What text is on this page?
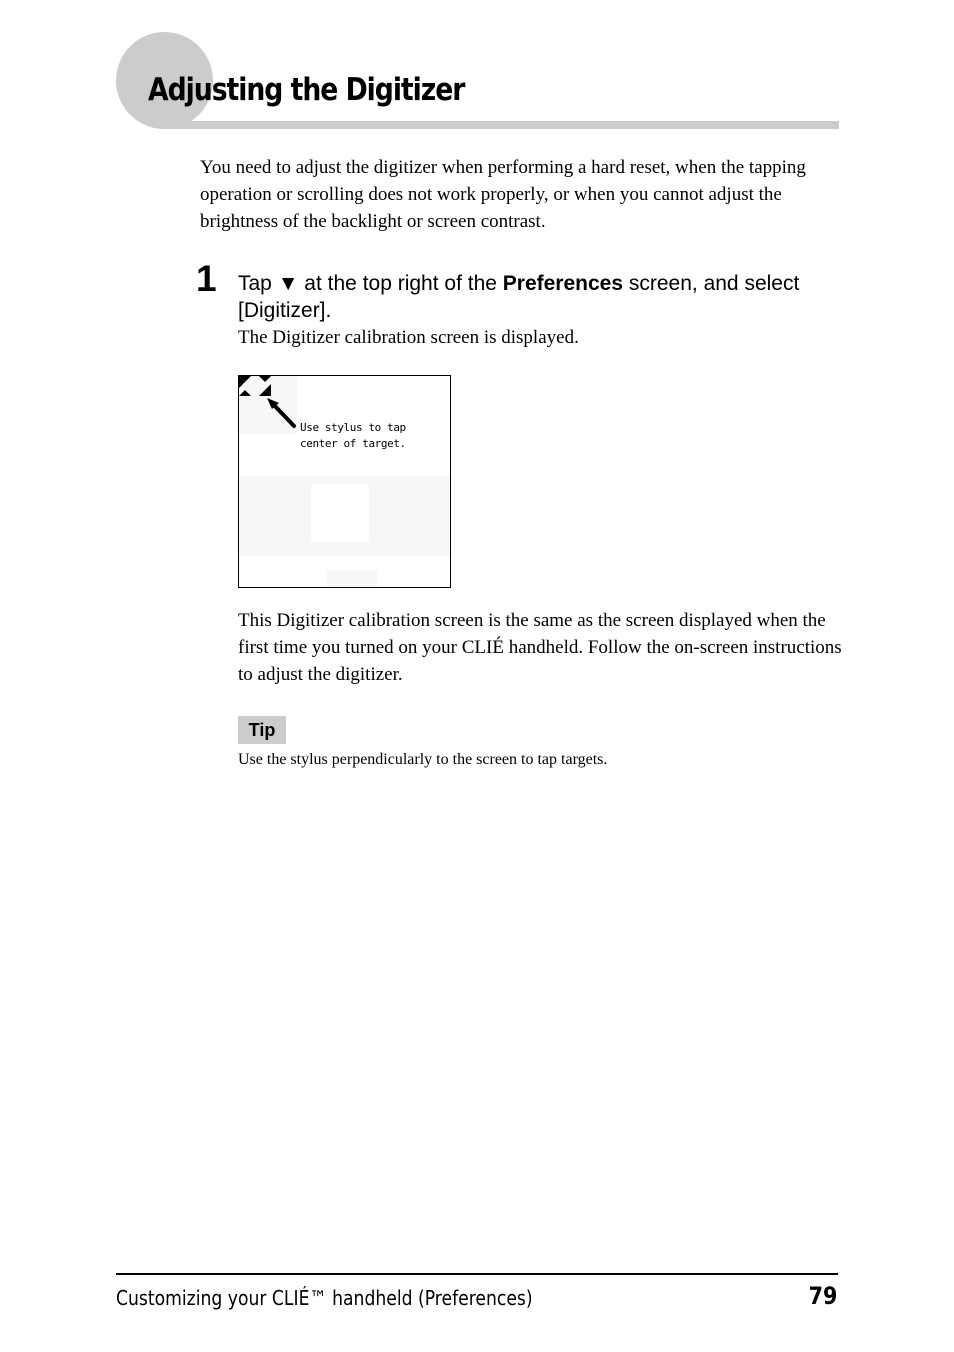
Adjusting the Digitizer

You need to adjust the digitizer when performing a hard reset, when the tapping operation or scrolling does not work properly, or when you cannot adjust the brightness of the backlight or screen contrast.

1 Tap ▼ at the top right of the Preferences screen, and select [Digitizer].

The Digitizer calibration screen is displayed.

Use stylus to tap
center of target.

This Digitizer calibration screen is the same as the screen displayed when the first time you turned on your CLIÉ handheld. Follow the on-screen instructions to adjust the digitizer.

Tip

Use the stylus perpendicularly to the screen to tap targets.

Customizing your CLIÉ™ handheld (Preferences)	79
